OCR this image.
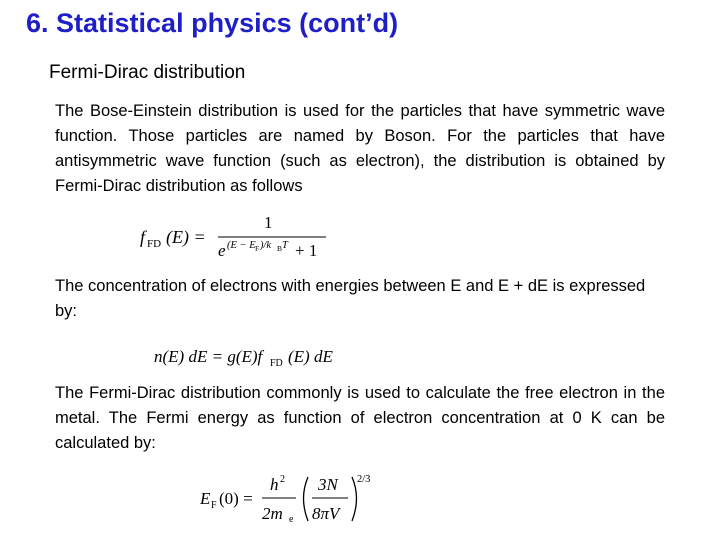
6. Statistical physics (cont’d)
Fermi-Dirac distribution

The Bose-Einstein distribution is used for the particles that have symmetric wave function. Those particles are named by Boson. For the particles that have antisymmetric wave function (such as electron), the distribution is obtained by Fermi-Dirac distribution as follows

f FD (E) =
1
e (E − E F )/k B T + 1

The concentration of electrons with energies between E and E + dE is expressed by:

n(E) dE = g(E)f FD (E) dE

The Fermi-Dirac distribution commonly is used to calculate the free electron in the metal. The Fermi energy as function of electron concentration at 0 K can be calculated by:

E F (0) =
h 2
2m e
3N
8πV
2/3
